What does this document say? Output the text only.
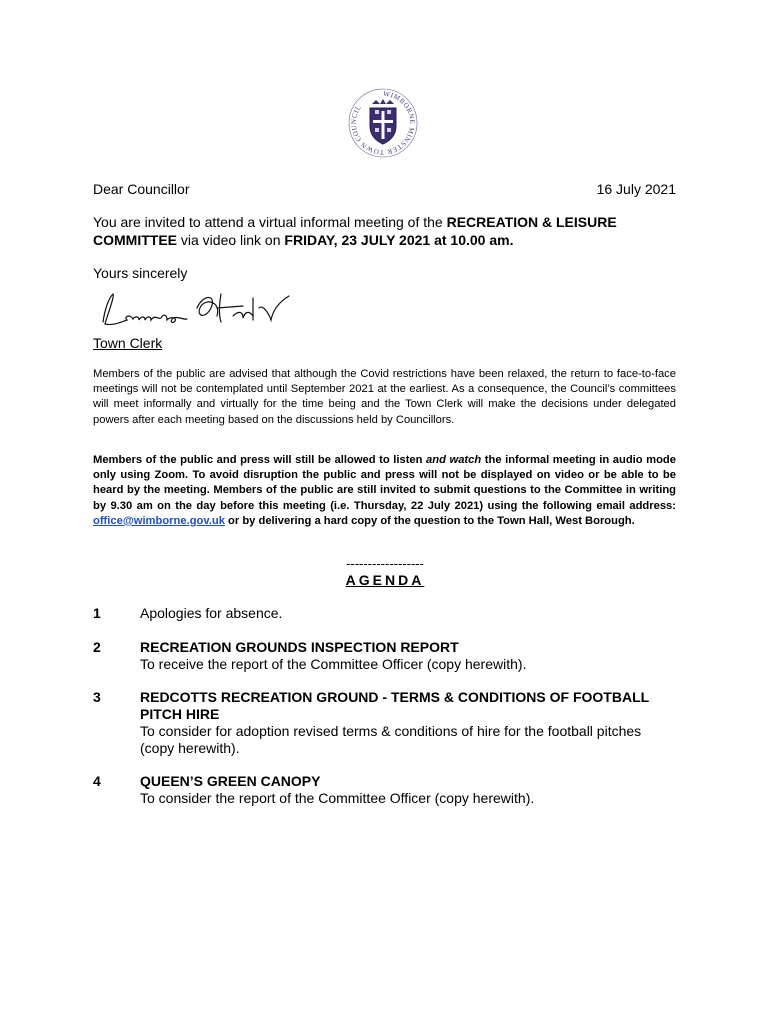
WIMBORNE MINSTER TOWN COUNCIL
Dear Councillor	16 July 2021
You are invited to attend a virtual informal meeting of the RECREATION & LEISURE COMMITTEE via video link on FRIDAY, 23 JULY 2021 at 10.00 am.
Yours sincerely
Town Clerk
Members of the public are advised that although the Covid restrictions have been relaxed, the return to face-to-face meetings will not be contemplated until September 2021 at the earliest. As a consequence, the Council’s committees will meet informally and virtually for the time being and the Town Clerk will make the decisions under delegated powers after each meeting based on the discussions held by Councillors.
Members of the public and press will still be allowed to listen and watch the informal meeting in audio mode only using Zoom. To avoid disruption the public and press will not be displayed on video or be able to be heard by the meeting. Members of the public are still invited to submit questions to the Committee in writing by 9.30 am on the day before this meeting (i.e. Thursday, 22 July 2021) using the following email address: office@wimborne.gov.uk or by delivering a hard copy of the question to the Town Hall, West Borough.
------------------
AGENDA
1	Apologies for absence.
2	RECREATION GROUNDS INSPECTION REPORT
To receive the report of the Committee Officer (copy herewith).
3	REDCOTTS RECREATION GROUND - TERMS & CONDITIONS OF FOOTBALL PITCH HIRE
To consider for adoption revised terms & conditions of hire for the football pitches (copy herewith).
4	QUEEN’S GREEN CANOPY
To consider the report of the Committee Officer (copy herewith).
